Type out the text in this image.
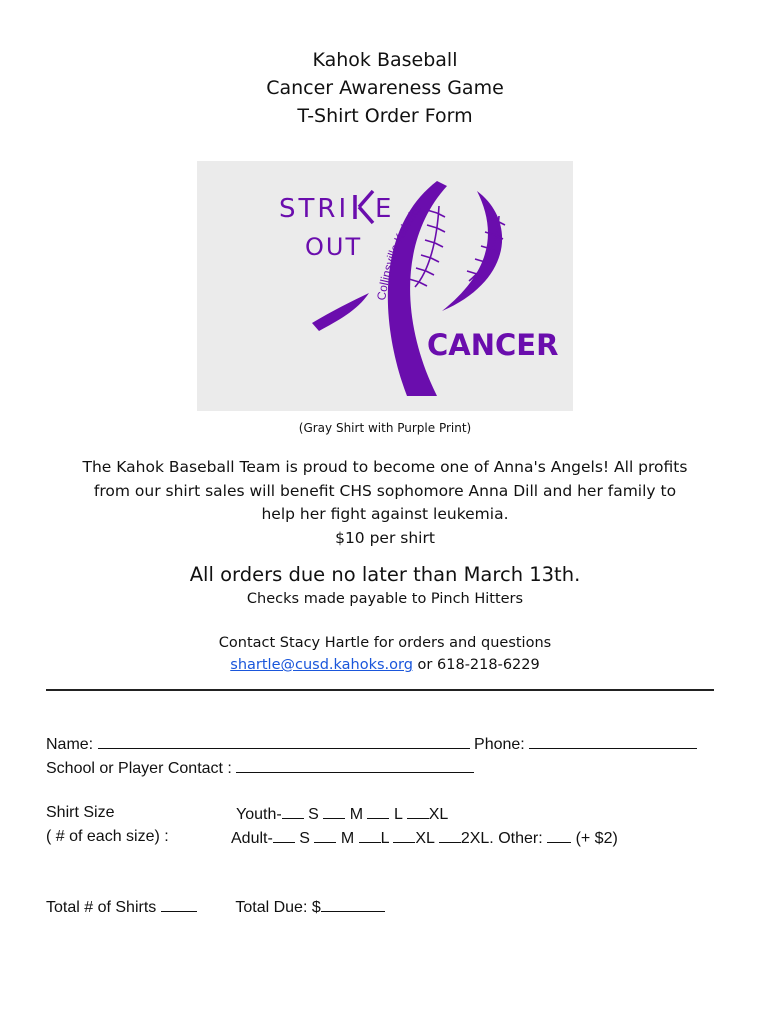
Kahok Baseball
Cancer Awareness Game
T-Shirt Order Form
STRI E
OUT
Collinsville Kahoks
CANCER
(Gray Shirt with Purple Print)
The Kahok Baseball Team is proud to become one of Anna's Angels! All profits
from our shirt sales will benefit CHS sophomore Anna Dill and her family to
help her fight against leukemia.
$10 per shirt
All orders due no later than March 13th.
Checks made payable to Pinch Hitters
Contact Stacy Hartle for orders and questions
shartle@cusd.kahoks.org or 618-218-6229
Name:	Phone:
School or Player Contact :
Shirt Size
( # of each size) :
Youth- S M L XL
Adult- S M L XL 2XL. Other: (+ $2)
Total # of Shirts	Total Due: $
